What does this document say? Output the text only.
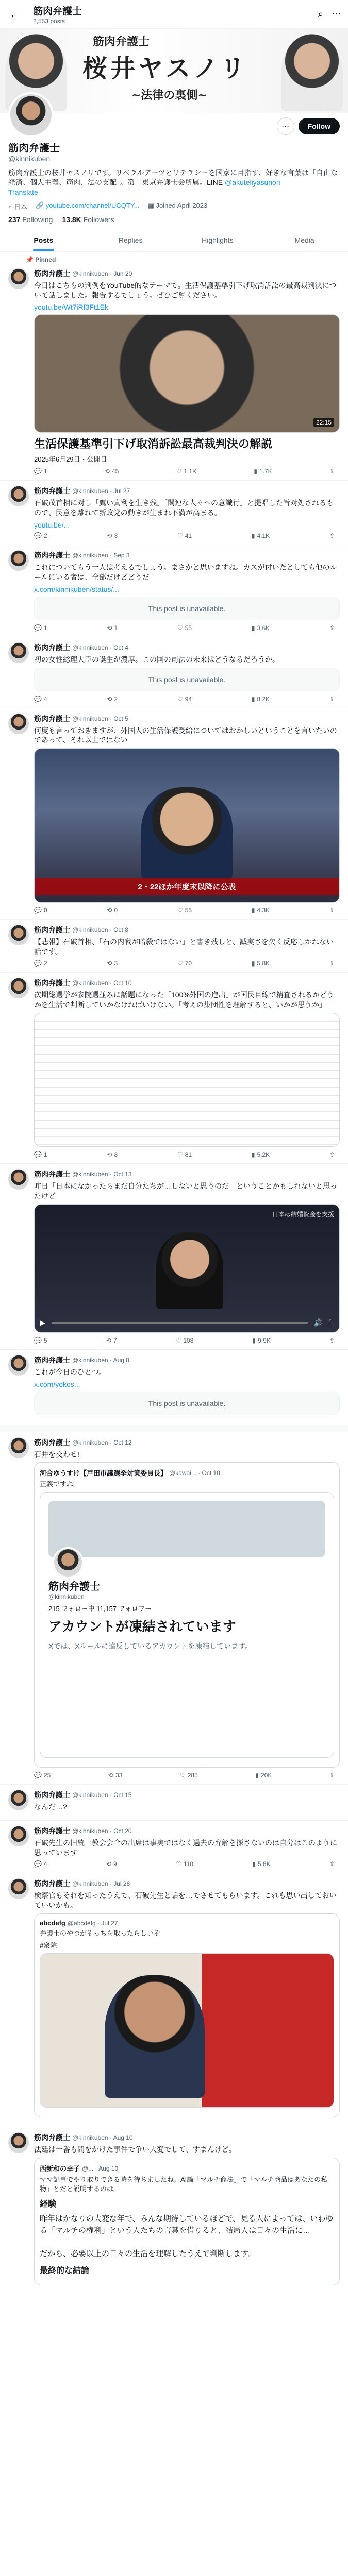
← 筋肉弁護士
2,553 posts
⌕ ⋯
筋肉弁護士
桜井ヤスノリ
~法律の裏側~
⋯	Follow
筋肉弁護士
@kinnikuben
筋肉弁護士の桜井ヤスノリです。リベラルアーツとリテラシーを国家に目指す、好きな言葉は「自由な経済、個人主義、筋肉、法の支配」。第二東京弁護士会所属。LINE @akuteliyasunori
Translate
⌖ 日本 🔗 youtube.com/channel/UCQTY... ▦ Joined April 2023
237 Following 13.8K Followers
Posts	Replies	Highlights	Media
📌 Pinned
筋肉弁護士 @kinnikuben · Jun 20
今日はこちらの判例をYouTube的なテーマで。生活保護基準引下げ取消訴訟の最高裁判決について話しました。報告するでしょう。ぜひご覧ください。
youtu.be/Wt7iRf3Ft1Ek
22:15
生活保護基準引下げ取消訴訟最高裁判決の解説
2025年6月29日・公開日
💬 1	⟲ 45	♡ 1.1K	▮ 1.7K	⇪
筋肉弁護士 @kinnikuben · Jul 27
石破茂首相に対し「鷹い真利を生き残」「関連な人々への意識行」と提唱した旨対処されるもので、民意を離れて新政党の動きが生まれ不満が高まる。
youtu.be/...
💬 2	⟲ 3	♡ 41	▮ 4.1K	⇪
筋肉弁護士 @kinnikuben · Sep 3
これについてもう一人は考えるでしょう。まさかと思いますね。カスが付いたとしても他のルールにいる者は、全部だけどどうだ
x.com/kinnikuben/status/...
This post is unavailable.
💬 1	⟲ 1	♡ 55	▮ 3.6K	⇪
筋肉弁護士 @kinnikuben · Oct 4
初の女性総理大臣の誕生が濃厚。この国の司法の未来はどうなるだろうか。
This post is unavailable.
💬 4	⟲ 2	♡ 94	▮ 8.2K	⇪
筋肉弁護士 @kinnikuben · Oct 5
何度も言っておきますが、外国人の生活保護受給についてはおかしいということを言いたいのであって、それ以上ではない
2・22ほか年度末以降に公表
💬 0	⟲ 0	♡ 55	▮ 4.3K	⇪
筋肉弁護士 @kinnikuben · Oct 8
【悲報】石破首相、「石の内戦が暗殺ではない」と書き残しと、誠実さを欠く反応しかねない話です。
💬 2	⟲ 3	♡ 70	▮ 5.8K	⇪
筋肉弁護士 @kinnikuben · Oct 10
次期総選挙が参院選並みに話題になった「100%外国の進出」が国民目線で精査されるかどうかを生活で判断していかなければいけない。「考えの集団性を理解すると、いかが思うか」
💬 1	⟲ 8	♡ 81	▮ 5.2K	⇪
筋肉弁護士 @kinnikuben · Oct 13
昨日「日本になかったらまだ自分たちが…しないと思うのだ」ということかもしれないと思ったけど
日本は結婚資金を支援
▶	🔊 ⛶
💬 5	⟲ 7	♡ 108	▮ 9.9K	⇪
筋肉弁護士 @kinnikuben · Aug 8
これが今日のひとつ。
x.com/yokos...
This post is unavailable.
筋肉弁護士 @kinnikuben · Oct 12
石井を交わせ!
河合ゆうすけ【戸田市議選挙対策委員長】 @kawai... · Oct 10
正義ですね。
筋肉弁護士
@kinnikuben
215 フォロー中 11,157 フォロワー
アカウントが凍結されています
Xでは、Xルールに違反しているアカウントを凍結しています。
💬 25	⟲ 33	♡ 285	▮ 20K	⇪
筋肉弁護士 @kinnikuben · Oct 15
なんだ…?
筋肉弁護士 @kinnikuben · Oct 20
石破先生の旧統一教会会合の出席は事実ではなく過去の弁解を探さないのは自分はこのように思っています
💬 4	⟲ 9	♡ 110	▮ 5.6K	⇪
筋肉弁護士 @kinnikuben · Jul 28
検察官もそれを知ったうえで、石破先生と話を…でさせてもらいます。これも思い出しておいていいかも。
abcdefg @abcdefg · Jul 27
弁護士のやつがそっちを取ったらしいぞ
#衆院
筋肉弁護士 @kinnikuben · Aug 10
法廷は一番も間をかけた事件で争い大変でして、すまんけど。
西新和の幸子 @... · Aug 10
ママ記事でやり取りできる時を待ちましたね。AI論「マルチ商法」で「マルチ商品はあなたの私物」とだと説明するのは。
経験
昨年はかなりの大変な年で、みんな期待しているほどで、見る人によっては、いわゆる「マルチの権利」という人たちの言葉を借りると、結局人は日々の生活に…

だから、必要以上の日々の生活を理解したうえで判断します。
最終的な結論
